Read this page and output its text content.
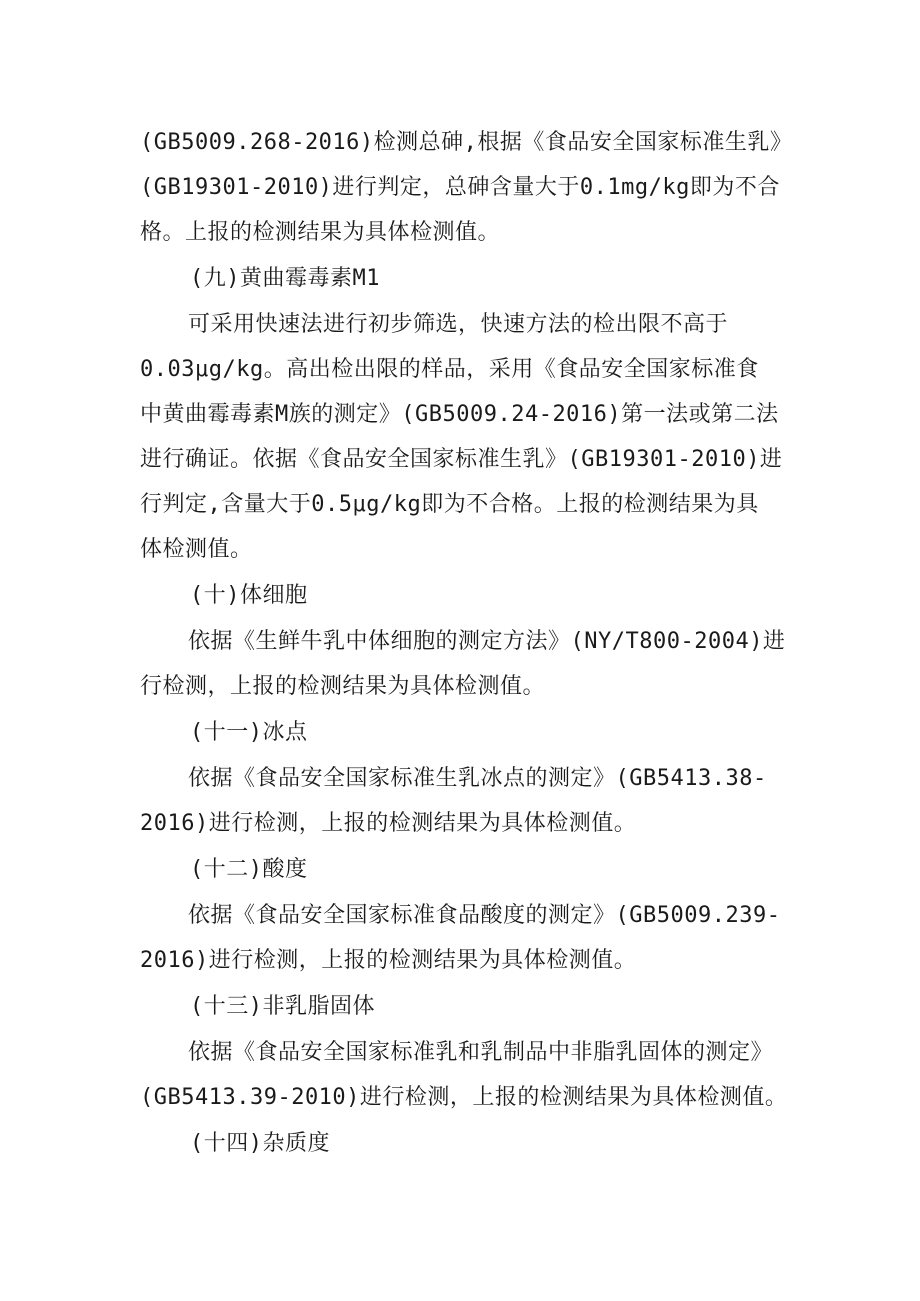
(GB5009.268-2016)检测总砷,根据《食品安全国家标准生乳》
(GB19301-2010)进行判定，总砷含量大于0.1mg/kg即为不合
格。上报的检测结果为具体检测值。
(九)黄曲霉毒素M1
可采用快速法进行初步筛选，快速方法的检出限不高于
0.03μg/kg。高出检出限的样品，采用《食品安全国家标准食
中黄曲霉毒素M族的测定》(GB5009.24-2016)第一法或第二法
进行确证。依据《食品安全国家标准生乳》(GB19301-2010)进
行判定,含量大于0.5μg/kg即为不合格。上报的检测结果为具
体检测值。
(十)体细胞
依据《生鲜牛乳中体细胞的测定方法》(NY/T800-2004)进
行检测，上报的检测结果为具体检测值。
(十一)冰点
依据《食品安全国家标准生乳冰点的测定》(GB5413.38-
2016)进行检测，上报的检测结果为具体检测值。
(十二)酸度
依据《食品安全国家标准食品酸度的测定》(GB5009.239-
2016)进行检测，上报的检测结果为具体检测值。
(十三)非乳脂固体
依据《食品安全国家标准乳和乳制品中非脂乳固体的测定》
(GB5413.39-2010)进行检测，上报的检测结果为具体检测值。
(十四)杂质度
